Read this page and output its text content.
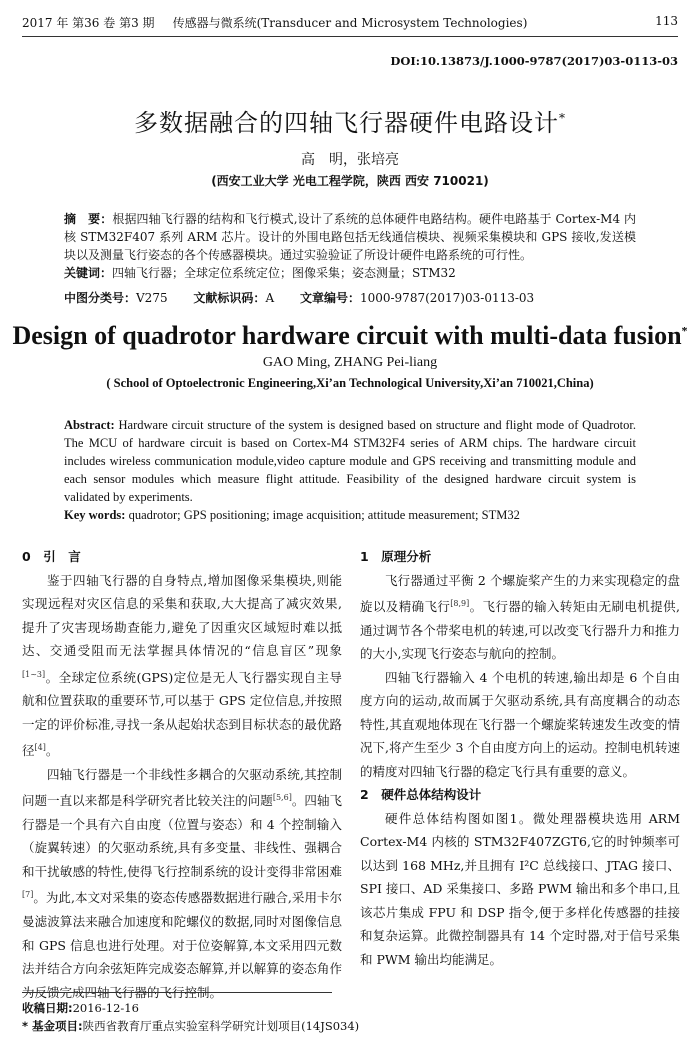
2017 年 第36 卷 第3 期	传感器与微系统(Transducer and Microsystem Technologies)	113
DOI:10.13873/J.1000-9787(2017)03-0113-03
多数据融合的四轴飞行器硬件电路设计*
高　明，张培亮
(西安工业大学 光电工程学院，陕西 西安 710021)
摘　要：根据四轴飞行器的结构和飞行模式,设计了系统的总体硬件电路结构。硬件电路基于 Cortex-M4 内核 STM32F407 系列 ARM 芯片。设计的外围电路包括无线通信模块、视频采集模块和 GPS 接收,发送模块以及测量飞行姿态的各个传感器模块。通过实验验证了所设计硬件电路系统的可行性。
关键词：四轴飞行器；全球定位系统定位；图像采集；姿态测量；STM32
中图分类号：V275 文献标识码：A 文章编号：1000-9787(2017)03-0113-03
Design of quadrotor hardware circuit with multi-data fusion*
GAO Ming, ZHANG Pei-liang
( School of Optoelectronic Engineering,Xi’an Technological University,Xi’an 710021,China)
Abstract: Hardware circuit structure of the system is designed based on structure and flight mode of Quadrotor. The MCU of hardware circuit is based on Cortex-M4 STM32F4 series of ARM chips. The hardware circuit includes wireless communication module,video capture module and GPS receiving and transmitting module and each sensor modules which measure flight attitude. Feasibility of the designed hardware circuit system is validated by experiments.
Key words: quadrotor; GPS positioning; image acquisition; attitude measurement; STM32
0　引　言

鉴于四轴飞行器的自身特点,增加图像采集模块,则能实现远程对灾区信息的采集和获取,大大提高了减灾效果,提升了灾害现场勘查能力,避免了因重灾区域短时难以抵达、交通受阻而无法掌握具体情况的“信息盲区”现象[1~3]。全球定位系统(GPS)定位是无人飞行器实现自主导航和位置获取的重要环节,可以基于 GPS 定位信息,并按照一定的评价标准,寻找一条从起始状态到目标状态的最优路径[4]。

四轴飞行器是一个非线性多耦合的欠驱动系统,其控制问题一直以来都是科学研究者比较关注的问题[5,6]。四轴飞行器是一个具有六自由度（位置与姿态）和 4 个控制输入（旋翼转速）的欠驱动系统,具有多变量、非线性、强耦合和干扰敏感的特性,使得飞行控制系统的设计变得非常困难[7]。为此,本文对采集的姿态传感器数据进行融合,采用卡尔曼滤波算法来融合加速度和陀螺仪的数据,同时对图像信息和 GPS 信息也进行处理。对于位姿解算,本文采用四元数法并结合方向余弦矩阵完成姿态解算,并以解算的姿态角作为反馈完成四轴飞行器的飞行控制。

1　原理分析

飞行器通过平衡 2 个螺旋桨产生的力来实现稳定的盘旋以及精确飞行[8,9]。飞行器的输入转矩由无刷电机提供,通过调节各个带桨电机的转速,可以改变飞行器升力和推力的大小,实现飞行姿态与航向的控制。

四轴飞行器输入 4 个电机的转速,输出却是 6 个自由度方向的运动,故而属于欠驱动系统,具有高度耦合的动态特性,其直观地体现在飞行器一个螺旋桨转速发生改变的情况下,将产生至少 3 个自由度方向上的运动。控制电机转速的精度对四轴飞行器的稳定飞行具有重要的意义。

2　硬件总体结构设计

硬件总体结构图如图1。微处理器模块选用 ARM Cortex-M4 内核的 STM32F407ZGT6,它的时钟频率可以达到 168 MHz,并且拥有 I²C 总线接口、JTAG 接口、SPI 接口、AD 采集接口、多路 PWM 输出和多个串口,且该芯片集成 FPU 和 DSP 指令,便于多样化传感器的挂接和复杂运算。此微控制器具有 14 个定时器,对于信号采集和 PWM 输出均能满足。

收稿日期:2016-12-16
* 基金项目:陕西省教育厅重点实验室科学研究计划项目(14JS034)
